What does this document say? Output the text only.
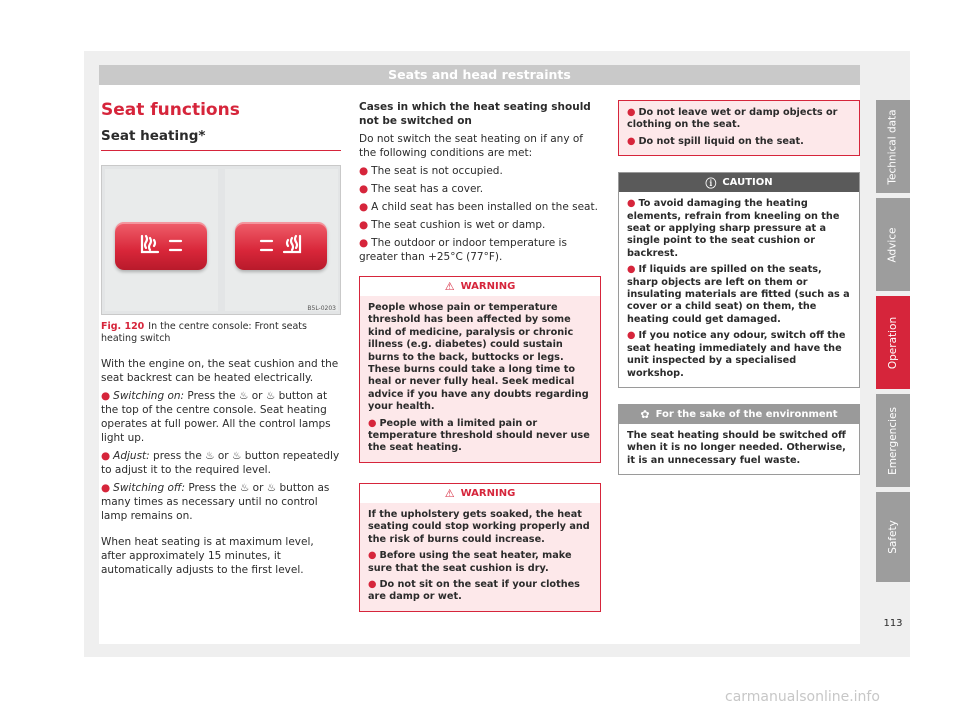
Seats and head restraints
Seat functions
Seat heating*
B5L-0203
Fig. 120 In the centre console: Front seats heating switch

With the engine on, the seat cushion and the seat backrest can be heated electrically.

● Switching on: Press the ♨ or ♨ button at the top of the centre console. Seat heating operates at full power. All the control lamps light up.

● Adjust: press the ♨ or ♨ button repeatedly to adjust it to the required level.

● Switching off: Press the ♨ or ♨ button as many times as necessary until no control lamp remains on.

When heat seating is at maximum level, after approximately 15 minutes, it automatically adjusts to the first level.

Cases in which the heat seating should not be switched on

Do not switch the seat heating on if any of the following conditions are met:

● The seat is not occupied.

● The seat has a cover.

● A child seat has been installed on the seat.

● The seat cushion is wet or damp.

● The outdoor or indoor temperature is greater than +25°C (77°F).

⚠ WARNING

People whose pain or temperature threshold has been affected by some kind of medicine, paralysis or chronic illness (e.g. diabetes) could sustain burns to the back, buttocks or legs. These burns could take a long time to heal or never fully heal. Seek medical advice if you have any doubts regarding your health.

● People with a limited pain or temperature threshold should never use the seat heating.

⚠ WARNING

If the upholstery gets soaked, the heat seating could stop working properly and the risk of burns could increase.

● Before using the seat heater, make sure that the seat cushion is dry.

● Do not sit on the seat if your clothes are damp or wet.

● Do not leave wet or damp objects or clothing on the seat.

● Do not spill liquid on the seat.

ⓘ CAUTION

● To avoid damaging the heating elements, refrain from kneeling on the seat or applying sharp pressure at a single point to the seat cushion or backrest.

● If liquids are spilled on the seats, sharp objects are left on them or insulating materials are fitted (such as a cover or a child seat) on them, the heating could get damaged.

● If you notice any odour, switch off the seat heating immediately and have the unit inspected by a specialised workshop.

✿ For the sake of the environment

The seat heating should be switched off when it is no longer needed. Otherwise, it is an unnecessary fuel waste.

Technical data
Advice
Operation
Emergencies
Safety
113
carmanualsonline.info
